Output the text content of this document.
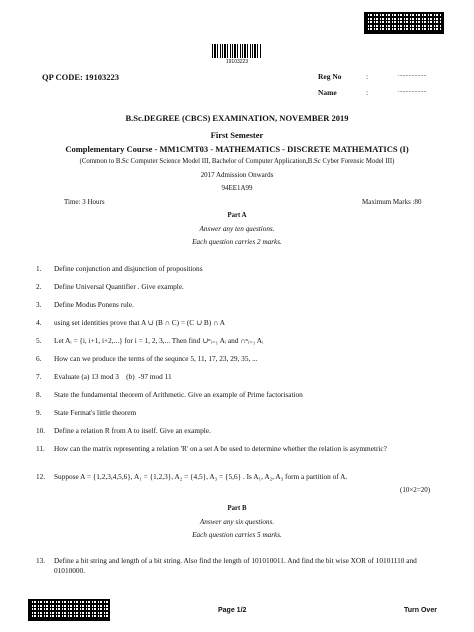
19103223
QP CODE: 19103223	Reg No	:	...................
Name	:	...................
B.Sc.DEGREE (CBCS) EXAMINATION, NOVEMBER 2019
First Semester
Complementary Course - MM1CMT03 - MATHEMATICS - DISCRETE MATHEMATICS (I)
(Common to B.Sc Computer Science Model III, Bachelor of Computer Application,B.Sc Cyber Forensic Model III)
2017 Admission Onwards
94EE1A99
Time: 3 Hours	Maximum Marks :80
Part A
Answer any ten questions.
Each question carries 2 marks.
1.	Define conjunction and disjunction of propositions
2.	Define Universal Quantifier . Give example.
3.	Define Modus Ponens rule.
4.	using set identities prove that A ∪ (B ∩ C) = (C ∪ B) ∩ A
5.	Let Aᵢ = {i, i+1, i+2,...} for i = 1, 2, 3,... Then find ∪ⁿᵢ₌₁ Aᵢ and ∩ⁿᵢ₌₁ Aᵢ
6.	How can we produce the terms of the sequnce 5, 11, 17, 23, 29, 35, ...
7.	Evaluate (a) 13 mod 3    (b)  -97 mod 11
8.	State the fundamental theorem of Arithmetic. Give an example of Prime factorisation
9.	State Fermat's little theorem
10.	Define a relation R from A to itself. Give an example.
11.	How can the matrix representing a relation 'R' on a set A be used to determine whether the relation is asymmetric?
12.	Suppose A = {1,2,3,4,5,6}, A₁ = {1,2,3}, A₂ = {4,5}, A₃ = {5,6} . Is A₁, A₂, A₃ form a partition of A.
(10×2=20)
Part B
Answer any six questions.
Each question carries 5 marks.
13.	Define a bit string and length of a bit string. Also find the length of 101010011. And find the bit wise XOR of 10101110 and 01010000.
Page 1/2	Turn Over
